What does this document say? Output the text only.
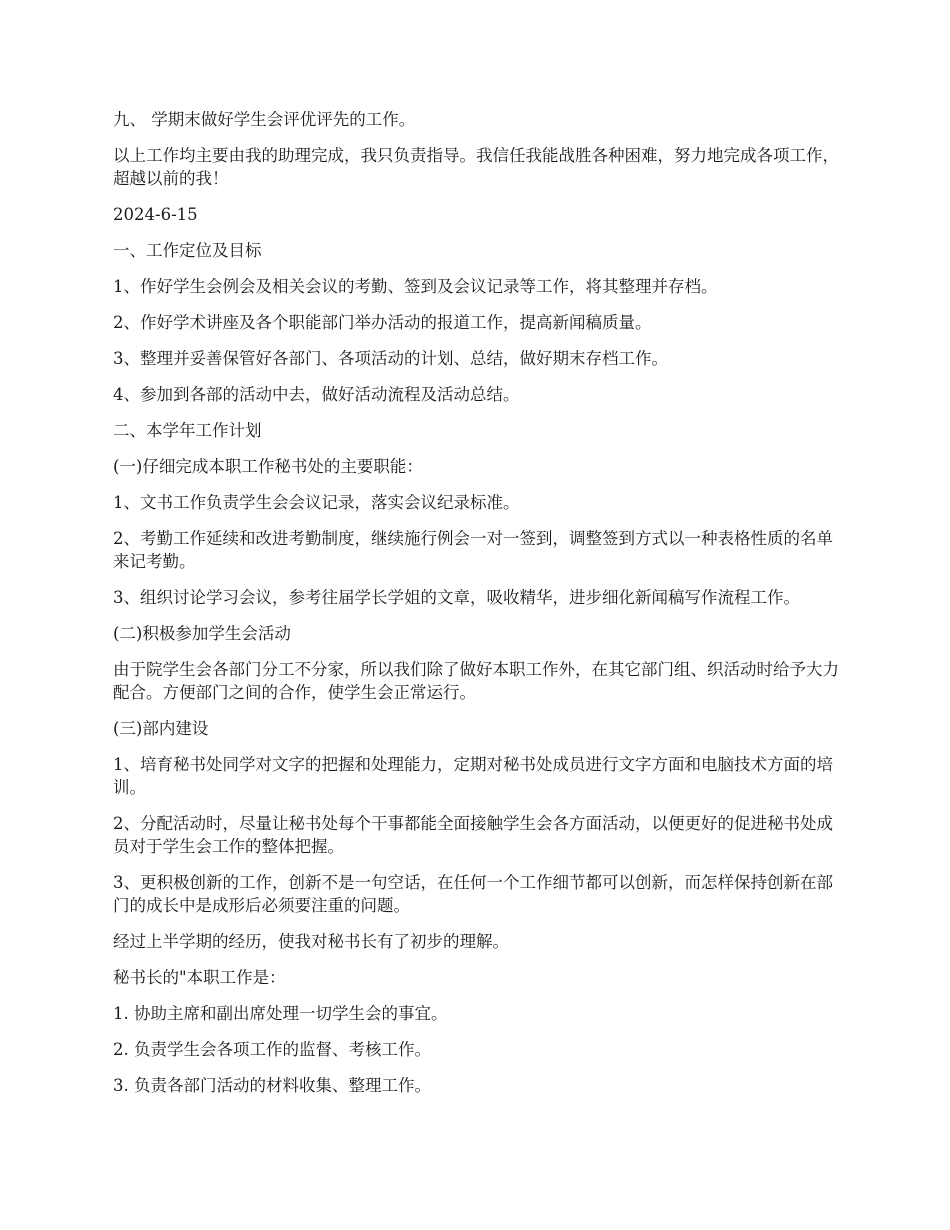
九、 学期末做好学生会评优评先的工作。

以上工作均主要由我的助理完成，我只负责指导。我信任我能战胜各种困难，努力地完成各项工作，超越以前的我！

2024-6-15

一、工作定位及目标

1、作好学生会例会及相关会议的考勤、签到及会议记录等工作，将其整理并存档。

2、作好学术讲座及各个职能部门举办活动的报道工作，提高新闻稿质量。

3、整理并妥善保管好各部门、各项活动的计划、总结，做好期末存档工作。

4、参加到各部的活动中去，做好活动流程及活动总结。

二、本学年工作计划

(一)仔细完成本职工作秘书处的主要职能：

1、文书工作负责学生会会议记录，落实会议纪录标准。

2、考勤工作延续和改进考勤制度，继续施行例会一对一签到，调整签到方式以一种表格性质的名单来记考勤。

3、组织讨论学习会议，参考往届学长学姐的文章，吸收精华，进步细化新闻稿写作流程工作。

(二)积极参加学生会活动

由于院学生会各部门分工不分家，所以我们除了做好本职工作外，在其它部门组、织活动时给予大力配合。方便部门之间的合作，使学生会正常运行。

(三)部内建设

1、培育秘书处同学对文字的把握和处理能力，定期对秘书处成员进行文字方面和电脑技术方面的培训。

2、分配活动时，尽量让秘书处每个干事都能全面接触学生会各方面活动，以便更好的促进秘书处成员对于学生会工作的整体把握。

3、更积极创新的工作，创新不是一句空话，在任何一个工作细节都可以创新，而怎样保持创新在部门的成长中是成形后必须要注重的问题。

经过上半学期的经历，使我对秘书长有了初步的理解。

秘书长的"本职工作是：

1. 协助主席和副出席处理一切学生会的事宜。

2. 负责学生会各项工作的监督、考核工作。

3. 负责各部门活动的材料收集、整理工作。
